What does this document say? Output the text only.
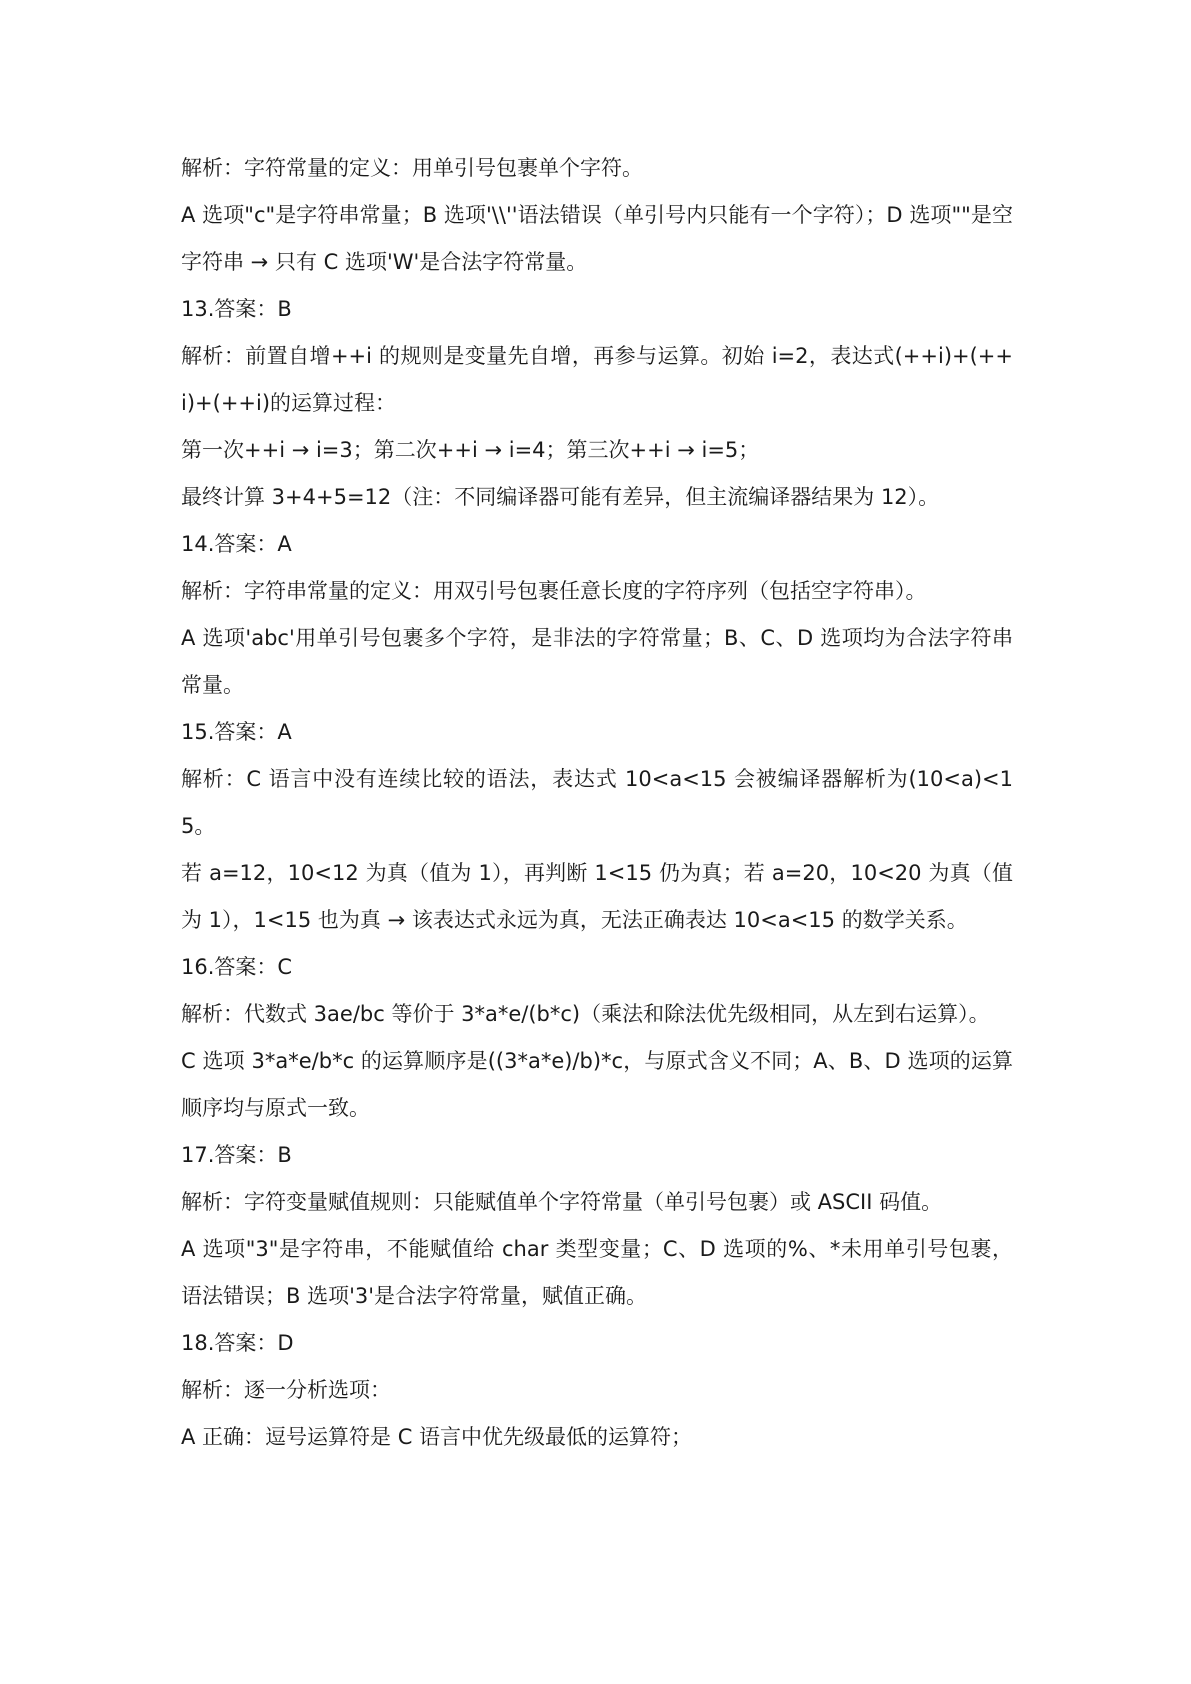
解析：字符常量的定义：用单引号包裹单个字符。

A 选项"c"是字符串常量；B 选项'\\''语法错误（单引号内只能有一个字符）；D 选项""是空字符串 → 只有 C 选项'W'是合法字符常量。

13.答案：B

解析：前置自增++i 的规则是变量先自增，再参与运算。初始 i=2，表达式(++i)+(++i)+(++i)的运算过程：

第一次++i → i=3；第二次++i → i=4；第三次++i → i=5；

最终计算 3+4+5=12（注：不同编译器可能有差异，但主流编译器结果为 12）。

14.答案：A

解析：字符串常量的定义：用双引号包裹任意长度的字符序列（包括空字符串）。

A 选项'abc'用单引号包裹多个字符，是非法的字符常量；B、C、D 选项均为合法字符串常量。

15.答案：A

解析：C 语言中没有连续比较的语法，表达式 10<a<15 会被编译器解析为(10<a)<15。

若 a=12，10<12 为真（值为 1），再判断 1<15 仍为真；若 a=20，10<20 为真（值为 1），1<15 也为真 → 该表达式永远为真，无法正确表达 10<a<15 的数学关系。

16.答案：C

解析：代数式 3ae/bc 等价于 3*a*e/(b*c)（乘法和除法优先级相同，从左到右运算）。

C 选项 3*a*e/b*c 的运算顺序是((3*a*e)/b)*c，与原式含义不同；A、B、D 选项的运算顺序均与原式一致。

17.答案：B

解析：字符变量赋值规则：只能赋值单个字符常量（单引号包裹）或 ASCII 码值。

A 选项"3"是字符串，不能赋值给 char 类型变量；C、D 选项的%、*未用单引号包裹，语法错误；B 选项'3'是合法字符常量，赋值正确。

18.答案：D

解析：逐一分析选项：

A 正确：逗号运算符是 C 语言中优先级最低的运算符；
